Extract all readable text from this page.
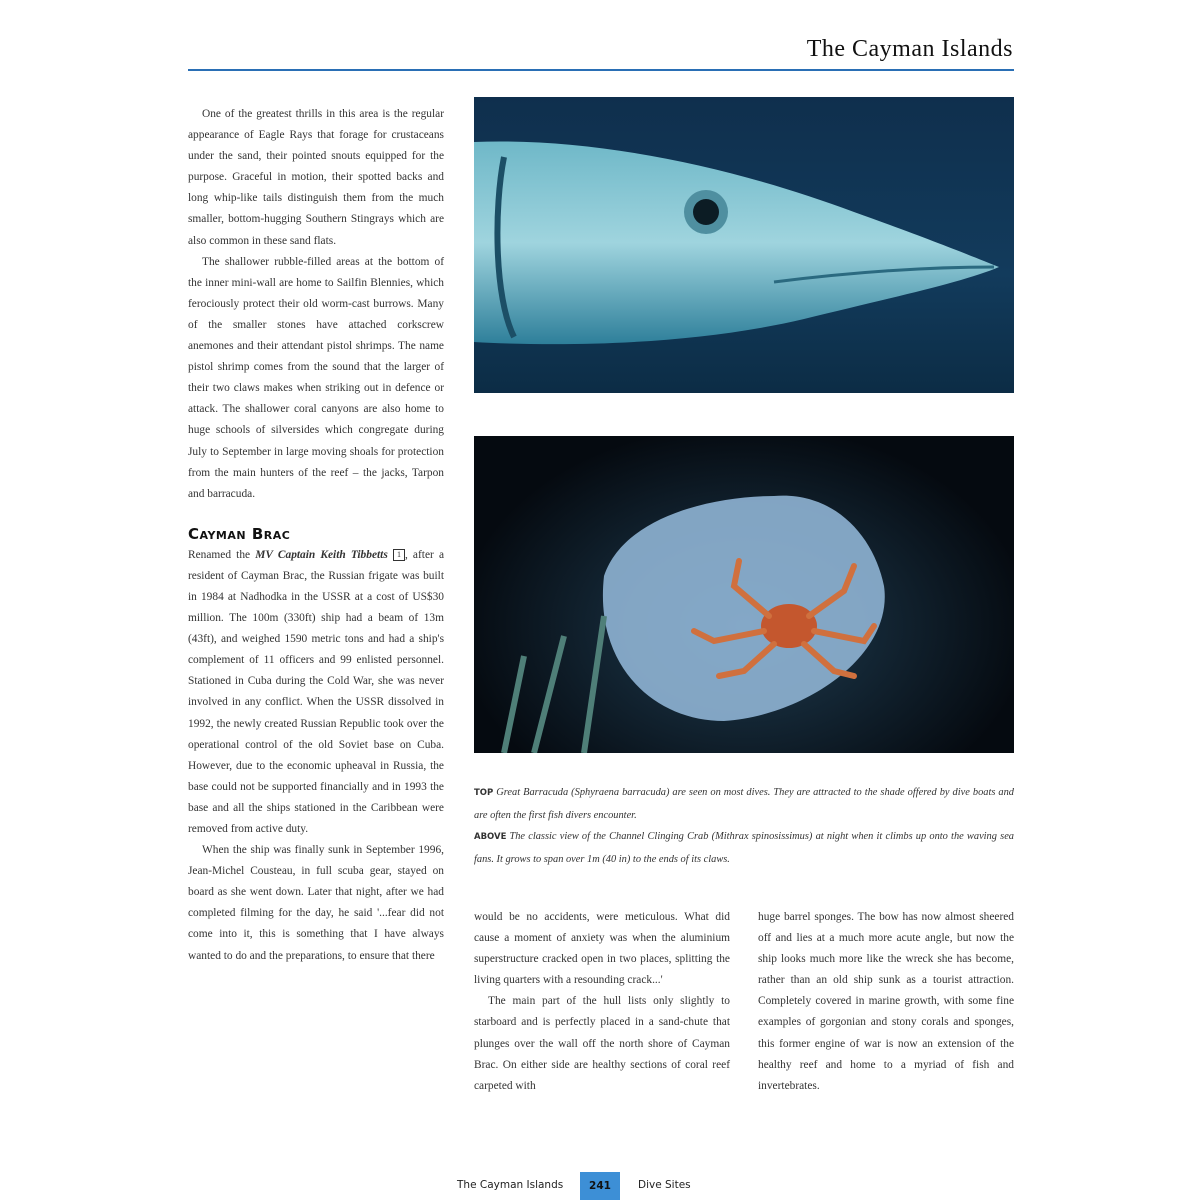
The Cayman Islands

One of the greatest thrills in this area is the regular appearance of Eagle Rays that forage for crustaceans under the sand, their pointed snouts equipped for the purpose. Graceful in motion, their spotted backs and long whip-like tails distinguish them from the much smaller, bottom-hugging Southern Stingrays which are also common in these sand flats.

The shallower rubble-filled areas at the bottom of the inner mini-wall are home to Sailfin Blennies, which ferociously protect their old worm-cast burrows. Many of the smaller stones have attached corkscrew anemones and their attendant pistol shrimps. The name pistol shrimp comes from the sound that the larger of their two claws makes when striking out in defence or attack. The shallower coral canyons are also home to huge schools of silversides which congregate during July to September in large moving shoals for protection from the main hunters of the reef – the jacks, Tarpon and barracuda.

Cayman Brac

Renamed the MV Captain Keith Tibbetts 1 , after a resident of Cayman Brac, the Russian frigate was built in 1984 at Nadhodka in the USSR at a cost of US$30 million. The 100m (330ft) ship had a beam of 13m (43ft), and weighed 1590 metric tons and had a ship's complement of 11 officers and 99 enlisted personnel. Stationed in Cuba during the Cold War, she was never involved in any conflict. When the USSR dissolved in 1992, the newly created Russian Republic took over the operational control of the old Soviet base on Cuba. However, due to the economic upheaval in Russia, the base could not be supported financially and in 1993 the base and all the ships stationed in the Caribbean were removed from active duty.

When the ship was finally sunk in September 1996, Jean-Michel Cousteau, in full scuba gear, stayed on board as she went down. Later that night, after we had completed filming for the day, he said '...fear did not come into it, this is something that I have always wanted to do and the preparations, to ensure that there

TOP Great Barracuda (Sphyraena barracuda) are seen on most dives. They are attracted to the shade offered by dive boats and are often the first fish divers encounter.
ABOVE The classic view of the Channel Clinging Crab (Mithrax spinosissimus) at night when it climbs up onto the waving sea fans. It grows to span over 1m (40 in) to the ends of its claws.

would be no accidents, were meticulous. What did cause a moment of anxiety was when the aluminium superstructure cracked open in two places, splitting the living quarters with a resounding crack...'

The main part of the hull lists only slightly to starboard and is perfectly placed in a sand-chute that plunges over the wall off the north shore of Cayman Brac. On either side are healthy sections of coral reef carpeted with

huge barrel sponges. The bow has now almost sheered off and lies at a much more acute angle, but now the ship looks much more like the wreck she has become, rather than an old ship sunk as a tourist attraction. Completely covered in marine growth, with some fine examples of gorgonian and stony corals and sponges, this former engine of war is now an extension of the healthy reef and home to a myriad of fish and invertebrates.

The Cayman Islands	241	Dive Sites
